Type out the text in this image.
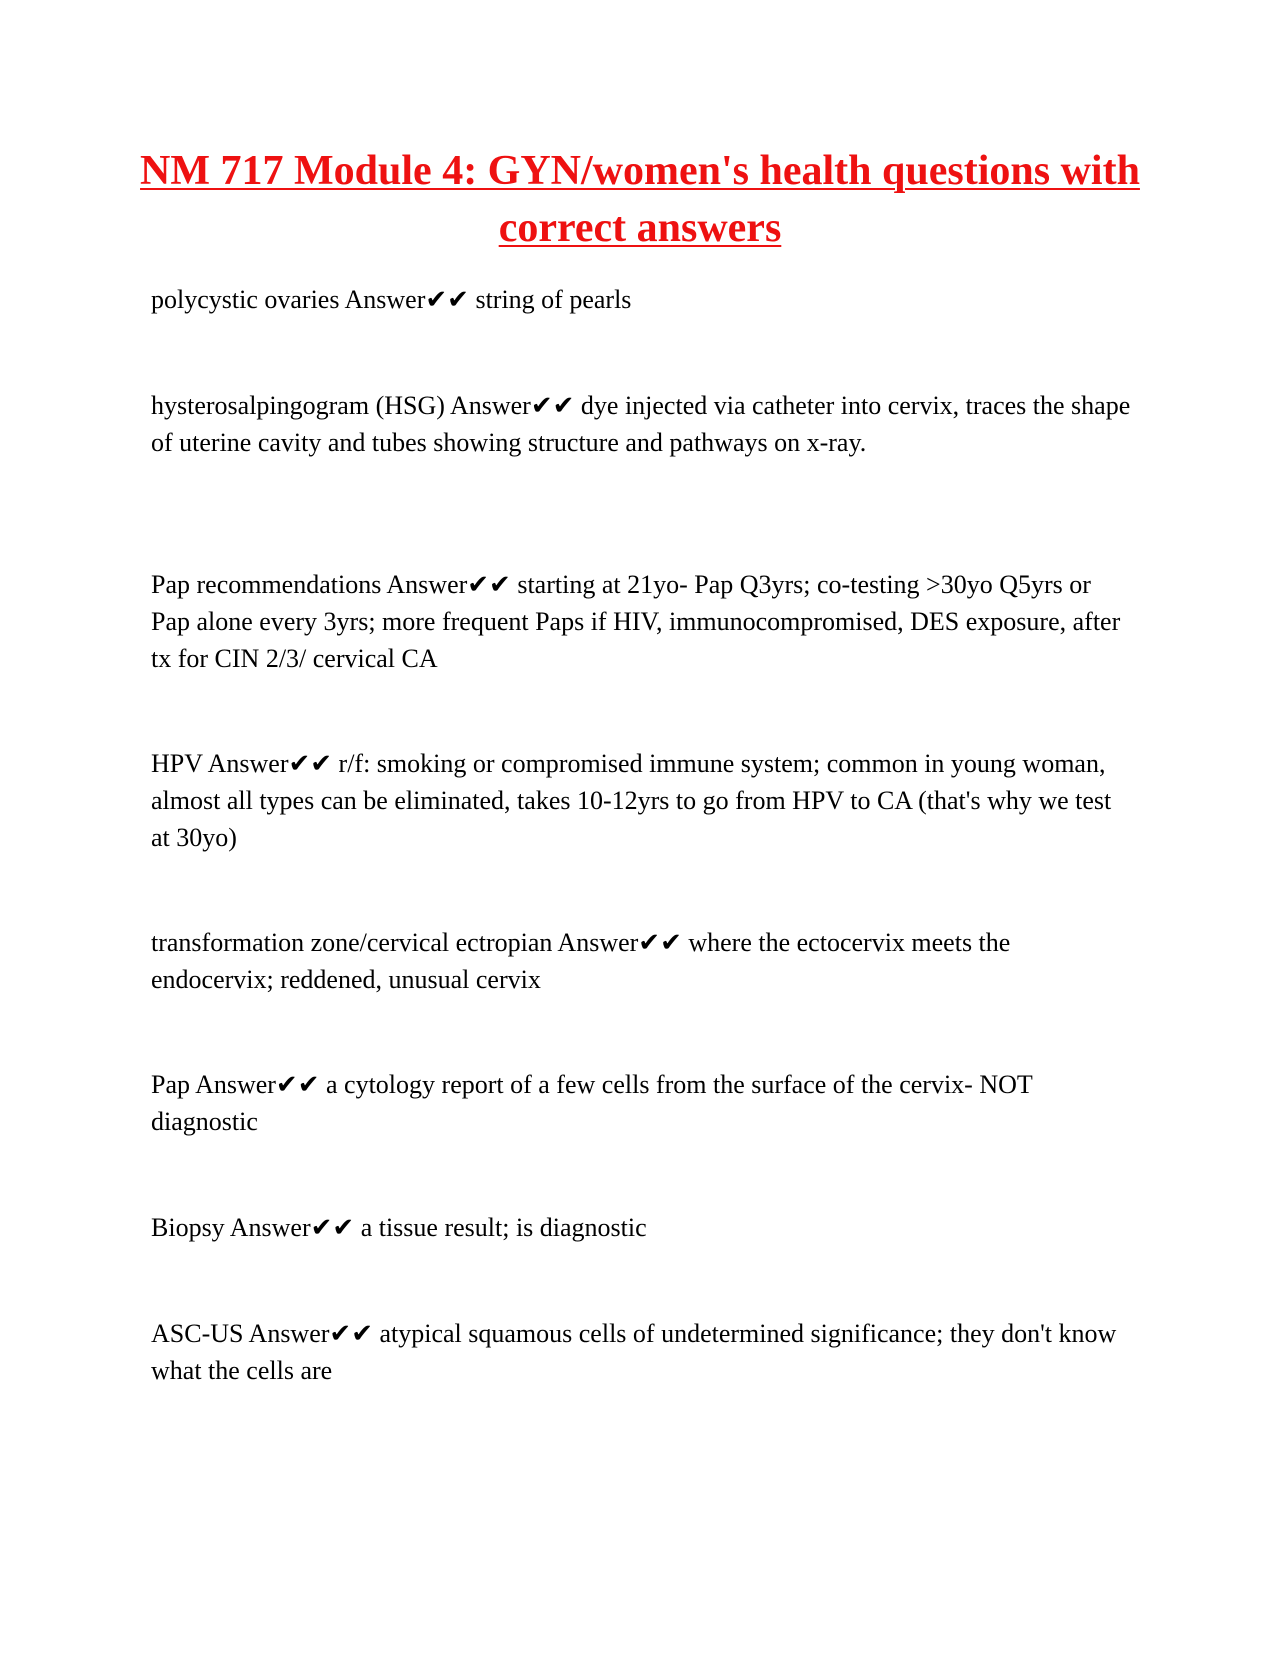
NM 717 Module 4: GYN/women's health questions with correct answers

polycystic ovaries Answer✔✔ string of pearls

hysterosalpingogram (HSG) Answer✔✔ dye injected via catheter into cervix, traces the shape of uterine cavity and tubes showing structure and pathways on x-ray.

Pap recommendations Answer✔✔ starting at 21yo- Pap Q3yrs; co-testing >30yo Q5yrs or Pap alone every 3yrs; more frequent Paps if HIV, immunocompromised, DES exposure, after tx for CIN 2/3/ cervical CA

HPV Answer✔✔ r/f: smoking or compromised immune system; common in young woman, almost all types can be eliminated, takes 10-12yrs to go from HPV to CA (that's why we test at 30yo)

transformation zone/cervical ectropian Answer✔✔ where the ectocervix meets the endocervix; reddened, unusual cervix

Pap Answer✔✔ a cytology report of a few cells from the surface of the cervix- NOT diagnostic

Biopsy Answer✔✔ a tissue result; is diagnostic

ASC-US Answer✔✔ atypical squamous cells of undetermined significance; they don't know what the cells are
